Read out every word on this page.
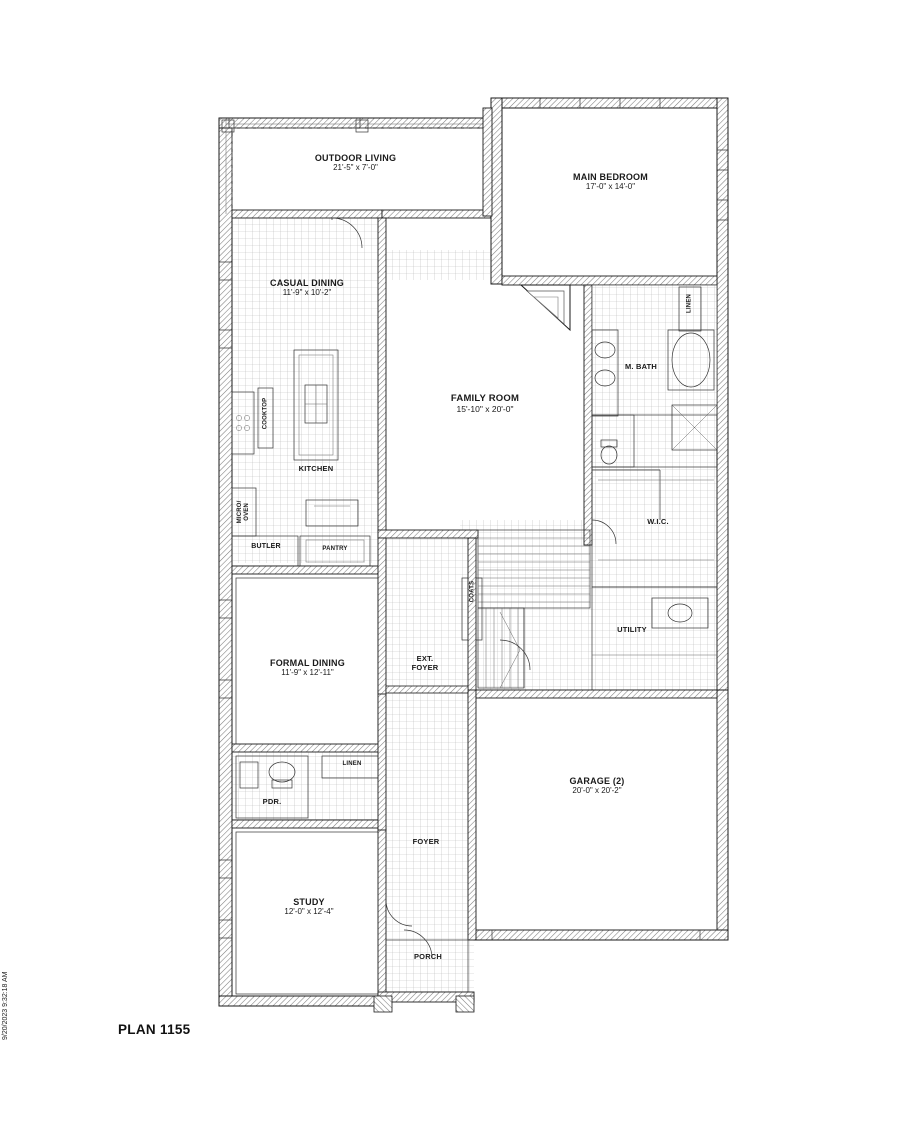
OUTDOOR LIVING
21'-5" x 7'-0"
MAIN BEDROOM
17'-0" x 14'-0"
CASUAL DINING
11'-9" x 10'-2"
FAMILY ROOM
15'-10" x 20'-0"
M. BATH
KITCHEN
W.I.C.
BUTLER	PANTRY
UTILITY
FORMAL DINING
11'-9" x 12'-11"
EXT.
FOYER
GARAGE (2)
20'-0" x 20'-2"
PDR.
FOYER
STUDY
12'-0" x 12'-4"
PORCH
LINEN
COOKTOP
MICRO/ OVEN
COATS
LINEN
PLAN 1155
9/20/2023 9:32:18 AM
